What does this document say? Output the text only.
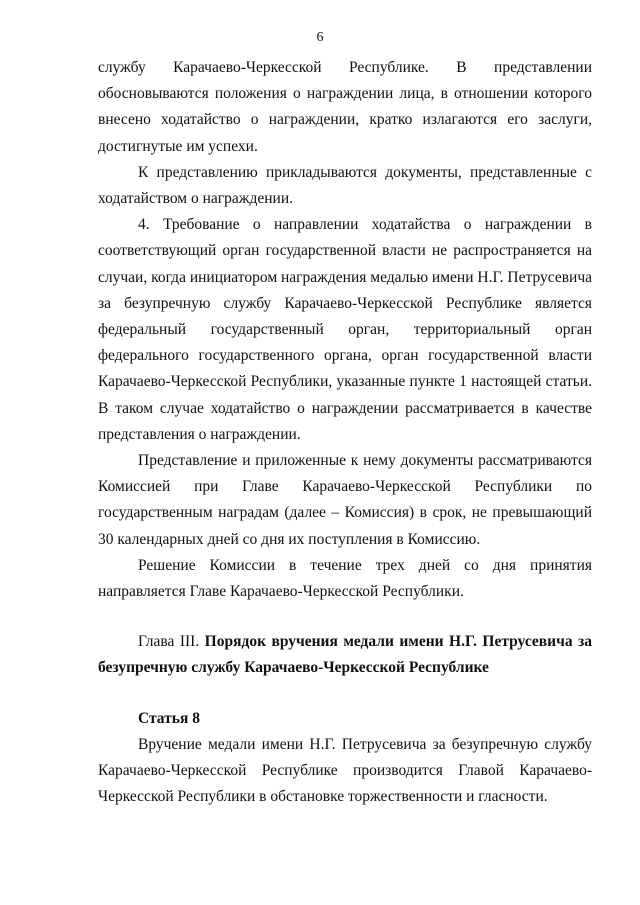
6

службу Карачаево-Черкесской Республике. В представлении обосновываются положения о награждении лица, в отношении которого внесено ходатайство о награждении, кратко излагаются его заслуги, достигнутые им успехи.

К представлению прикладываются документы, представленные с ходатайством о награждении.

4. Требование о направлении ходатайства о награждении в соответствующий орган государственной власти не распространяется на случаи, когда инициатором награждения медалью имени Н.Г. Петрусевича за безупречную службу Карачаево-Черкесской Республике является федеральный государственный орган, территориальный орган федерального государственного органа, орган государственной власти Карачаево-Черкесской Республики, указанные пункте 1 настоящей статьи. В таком случае ходатайство о награждении рассматривается в качестве представления о награждении.

Представление и приложенные к нему документы рассматриваются Комиссией при Главе Карачаево-Черкесской Республики по государственным наградам (далее – Комиссия) в срок, не превышающий 30 календарных дней со дня их поступления в Комиссию.

Решение Комиссии в течение трех дней со дня принятия направляется Главе Карачаево-Черкесской Республики.

Глава III. Порядок вручения медали имени Н.Г. Петрусевича за безупречную службу Карачаево-Черкесской Республике

Статья 8

Вручение медали имени Н.Г. Петрусевича за безупречную службу Карачаево-Черкесской Республике производится Главой Карачаево-Черкесской Республики в обстановке торжественности и гласности.
